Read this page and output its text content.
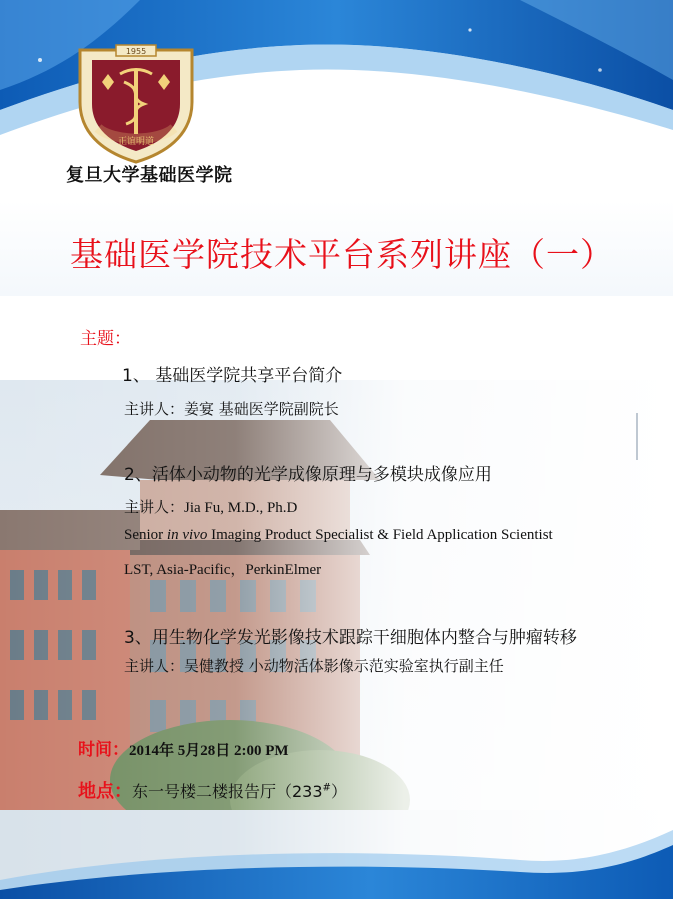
1955
正谊明道
复旦大学基础医学院
基础医学院技术平台系列讲座（一）
主题：
1、 基础医学院共享平台简介
主讲人：姜宴 基础医学院副院长
2、活体小动物的光学成像原理与多模块成像应用
主讲人：Jia Fu, M.D., Ph.D
Senior in vivo Imaging Product Specialist & Field Application Scientist
LST, Asia-Pacific，PerkinElmer
3、用生物化学发光影像技术跟踪干细胞体内整合与肿瘤转移
主讲人：吴健教授 小动物活体影像示范实验室执行副主任
时间：2014年 5月28日 2:00 PM
地点：东一号楼二楼报告厅（233#）
